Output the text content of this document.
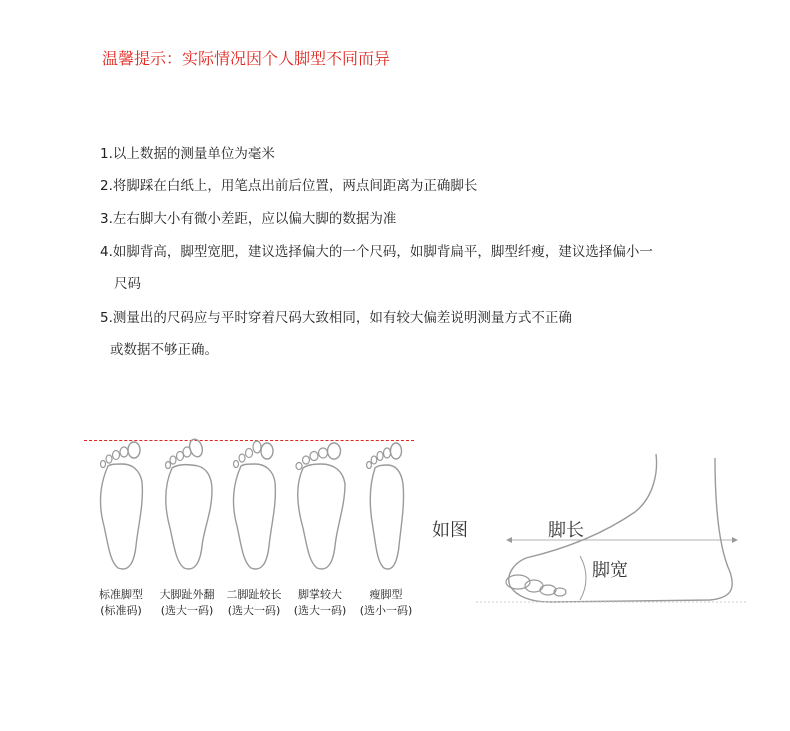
温馨提示：实际情况因个人脚型不同而异
1.以上数据的测量单位为毫米
2.将脚踩在白纸上，用笔点出前后位置，两点间距离为正确脚长
3.左右脚大小有微小差距，应以偏大脚的数据为准
4.如脚背高，脚型宽肥，建议选择偏大的一个尺码，如脚背扁平，脚型纤瘦，建议选择偏小一
尺码
5.测量出的尺码应与平时穿着尺码大致相同，如有较大偏差说明测量方式不正确
或数据不够正确。
标准脚型
(标准码)
大脚趾外翻
(选大一码)
二脚趾较长
(选大一码)
脚掌较大
(选大一码)
瘦脚型
(选小一码)
如图	脚长
脚宽
